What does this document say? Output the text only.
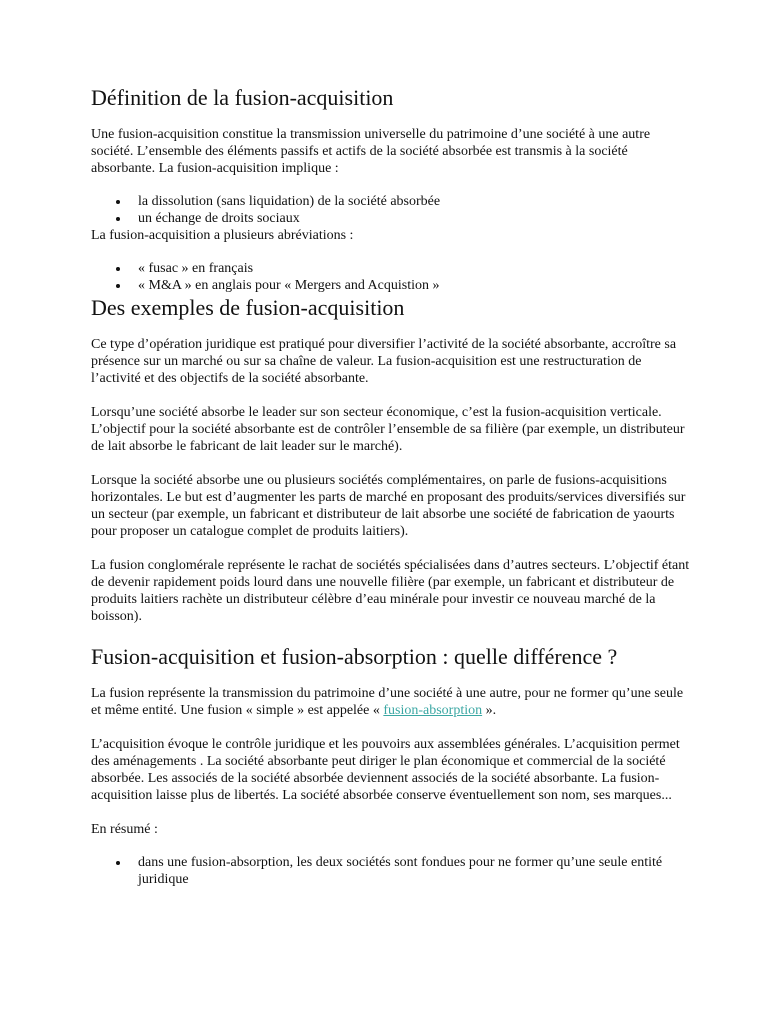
Définition de la fusion-acquisition

Une fusion-acquisition constitue la transmission universelle du patrimoine d’une société à une autre société. L’ensemble des éléments passifs et actifs de la société absorbée est transmis à la société absorbante. La fusion-acquisition implique :

la dissolution (sans liquidation) de la société absorbée
un échange de droits sociaux

La fusion-acquisition a plusieurs abréviations :

« fusac » en français
« M&A » en anglais pour « Mergers and Acquistion »
Des exemples de fusion-acquisition

Ce type d’opération juridique est pratiqué pour diversifier l’activité de la société absorbante, accroître sa présence sur un marché ou sur sa chaîne de valeur. La fusion-acquisition est une restructuration de l’activité et des objectifs de la société absorbante.

Lorsqu’une société absorbe le leader sur son secteur économique, c’est la fusion-acquisition verticale. L’objectif pour la société absorbante est de contrôler l’ensemble de sa filière (par exemple, un distributeur de lait absorbe le fabricant de lait leader sur le marché).

Lorsque la société absorbe une ou plusieurs sociétés complémentaires, on parle de fusions-acquisitions horizontales. Le but est d’augmenter les parts de marché en proposant des produits/services diversifiés sur un secteur (par exemple, un fabricant et distributeur de lait absorbe une société de fabrication de yaourts pour proposer un catalogue complet de produits laitiers).

La fusion conglomérale représente le rachat de sociétés spécialisées dans d’autres secteurs. L’objectif étant de devenir rapidement poids lourd dans une nouvelle filière (par exemple, un fabricant et distributeur de produits laitiers rachète un distributeur célèbre d’eau minérale pour investir ce nouveau marché de la boisson).

Fusion-acquisition et fusion-absorption : quelle différence ?

La fusion représente la transmission du patrimoine d’une société à une autre, pour ne former qu’une seule et même entité. Une fusion « simple » est appelée « fusion-absorption ».

L’acquisition évoque le contrôle juridique et les pouvoirs aux assemblées générales. L’acquisition permet des aménagements . La société absorbante peut diriger le plan économique et commercial de la société absorbée. Les associés de la société absorbée deviennent associés de la société absorbante. La fusion-acquisition laisse plus de libertés. La société absorbée conserve éventuellement son nom, ses marques...

En résumé :

dans une fusion-absorption, les deux sociétés sont fondues pour ne former qu’une seule entité juridique
